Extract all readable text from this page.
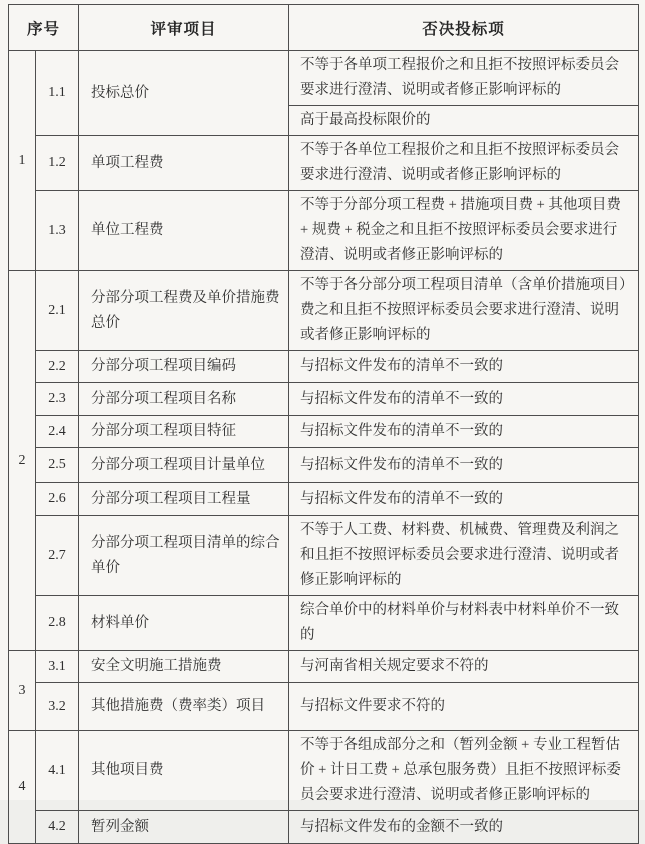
序号		评审项目	否决投标项
1	1.1	投标总价	不等于各单项工程报价之和且拒不按照评标委员会要求进行澄清、说明或者修正影响评标的
			高于最高投标限价的
	1.2	单项工程费	不等于各单位工程报价之和且拒不按照评标委员会要求进行澄清、说明或者修正影响评标的
	1.3	单位工程费	不等于分部分项工程费 + 措施项目费 + 其他项目费 + 规费 + 税金之和且拒不按照评标委员会要求进行澄清、说明或者修正影响评标的
2	2.1	分部分项工程费及单价措施费总价	不等于各分部分项工程项目清单（含单价措施项目）费之和且拒不按照评标委员会要求进行澄清、说明或者修正影响评标的
	2.2	分部分项工程项目编码	与招标文件发布的清单不一致的
	2.3	分部分项工程项目名称	与招标文件发布的清单不一致的
	2.4	分部分项工程项目特征	与招标文件发布的清单不一致的
	2.5	分部分项工程项目计量单位	与招标文件发布的清单不一致的
	2.6	分部分项工程项目工程量	与招标文件发布的清单不一致的
	2.7	分部分项工程项目清单的综合单价	不等于人工费、材料费、机械费、管理费及利润之和且拒不按照评标委员会要求进行澄清、说明或者修正影响评标的
	2.8	材料单价	综合单价中的材料单价与材料表中材料单价不一致的
3	3.1	安全文明施工措施费	与河南省相关规定要求不符的
	3.2	其他措施费（费率类）项目	与招标文件要求不符的
4	4.1	其他项目费	不等于各组成部分之和（暂列金额 + 专业工程暂估价 + 计日工费 + 总承包服务费）且拒不按照评标委员会要求进行澄清、说明或者修正影响评标的
	4.2	暂列金额	与招标文件发布的金额不一致的
